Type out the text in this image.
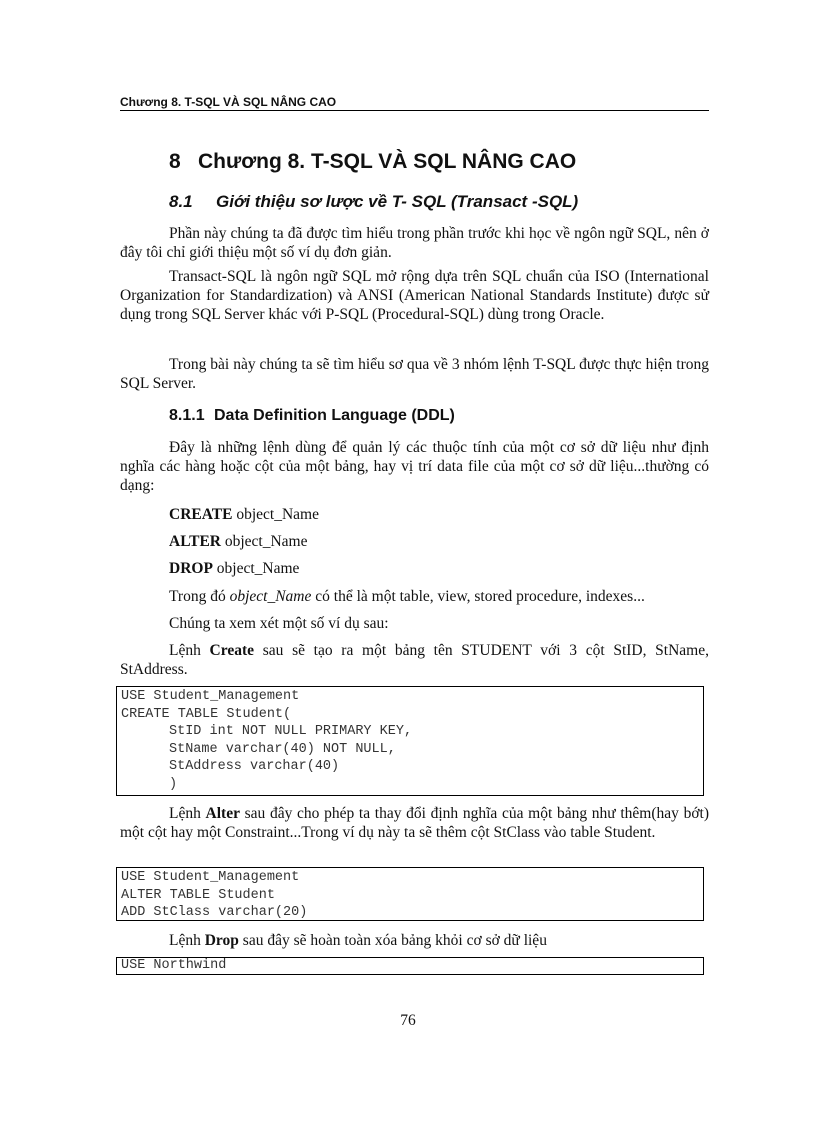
Chương 8. T-SQL VÀ SQL NÂNG CAO
8 Chương 8. T-SQL VÀ SQL NÂNG CAO
8.1 Giới thiệu sơ lược về T- SQL (Transact -SQL)

Phần này chúng ta đã được tìm hiểu trong phần trước khi học về ngôn ngữ SQL, nên ở đây tôi chỉ giới thiệu một số ví dụ đơn giản.

Transact-SQL là ngôn ngữ SQL mở rộng dựa trên SQL chuẩn của ISO (International Organization for Standardization) và ANSI (American National Standards Institute) được sử dụng trong SQL Server khác với P-SQL (Procedural-SQL) dùng trong Oracle.

Trong bài này chúng ta sẽ tìm hiểu sơ qua về 3 nhóm lệnh T-SQL được thực hiện trong SQL Server.

8.1.1 Data Definition Language (DDL)

Đây là những lệnh dùng để quản lý các thuộc tính của một cơ sở dữ liệu như định nghĩa các hàng hoặc cột của một bảng, hay vị trí data file của một cơ sở dữ liệu...thường có dạng:

CREATE object_Name
ALTER object_Name
DROP object_Name
Trong đó object_Name có thể là một table, view, stored procedure, indexes...
Chúng ta xem xét một số ví dụ sau:

Lệnh Create sau sẽ tạo ra một bảng tên STUDENT với 3 cột StID, StName, StAddress.

USE Student_Management
CREATE TABLE Student(
StID int NOT NULL PRIMARY KEY,
StName varchar(40) NOT NULL,
StAddress varchar(40)
)

Lệnh Alter sau đây cho phép ta thay đổi định nghĩa của một bảng như thêm(hay bớt) một cột hay một Constraint...Trong ví dụ này ta sẽ thêm cột StClass vào table Student.

USE Student_Management
ALTER TABLE Student
ADD StClass varchar(20)
Lệnh Drop sau đây sẽ hoàn toàn xóa bảng khỏi cơ sở dữ liệu
USE Northwind
76
